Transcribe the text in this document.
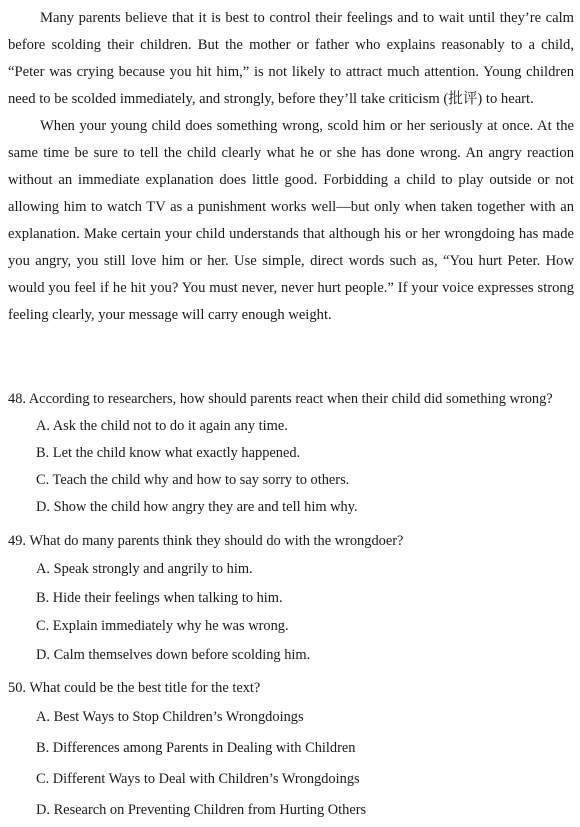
Many parents believe that it is best to control their feelings and to wait until they’re calm before scolding their children. But the mother or father who explains reasonably to a child, “Peter was crying because you hit him,” is not likely to attract much attention. Young children need to be scolded immediately, and strongly, before they’ll take criticism (批评) to heart.

When your young child does something wrong, scold him or her seriously at once. At the same time be sure to tell the child clearly what he or she has done wrong. An angry reaction without an immediate explanation does little good. Forbidding a child to play outside or not allowing him to watch TV as a punishment works well—but only when taken together with an explanation. Make certain your child understands that although his or her wrongdoing has made you angry, you still love him or her. Use simple, direct words such as, “You hurt Peter. How would you feel if he hit you? You must never, never hurt people.” If your voice expresses strong feeling clearly, your message will carry enough weight.

48. According to researchers, how should parents react when their child did something wrong?
A. Ask the child not to do it again any time.
B. Let the child know what exactly happened.
C. Teach the child why and how to say sorry to others.
D. Show the child how angry they are and tell him why.
49. What do many parents think they should do with the wrongdoer?
A. Speak strongly and angrily to him.
B. Hide their feelings when talking to him.
C. Explain immediately why he was wrong.
D. Calm themselves down before scolding him.
50. What could be the best title for the text?
A. Best Ways to Stop Children’s Wrongdoings
B. Differences among Parents in Dealing with Children
C. Different Ways to Deal with Children’s Wrongdoings
D. Research on Preventing Children from Hurting Others
